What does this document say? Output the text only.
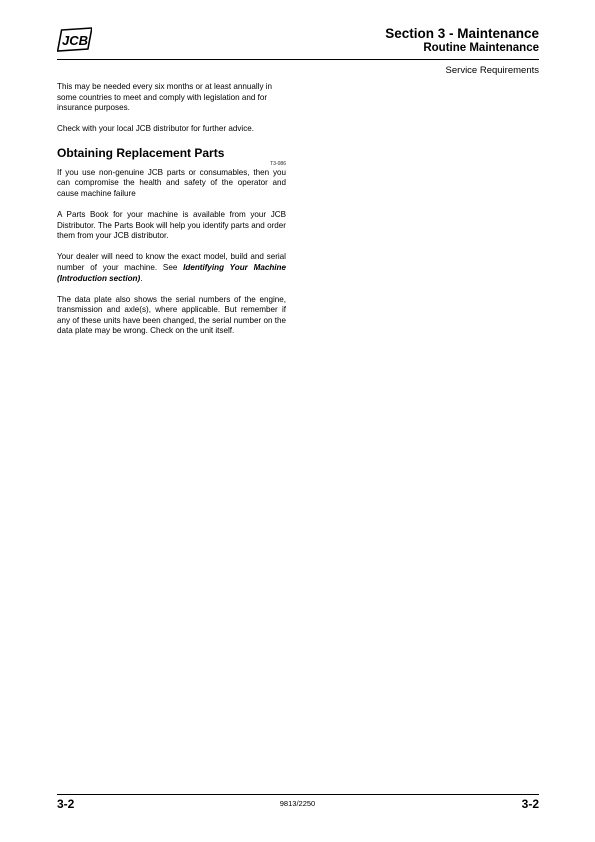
JCB	Section 3 - Maintenance
Routine Maintenance
Service Requirements

This may be needed every six months or at least annually in some countries to meet and comply with legislation and for insurance purposes.

Check with your local JCB distributor for further advice.

Obtaining Replacement Parts
T3-086

If you use non-genuine JCB parts or consumables, then you can compromise the health and safety of the operator and cause machine failure

A Parts Book for your machine is available from your JCB Distributor. The Parts Book will help you identify parts and order them from your JCB distributor.

Your dealer will need to know the exact model, build and serial number of your machine. See Identifying Your Machine (Introduction section).

The data plate also shows the serial numbers of the engine, transmission and axle(s), where applicable. But remember if any of these units have been changed, the serial number on the data plate may be wrong. Check on the unit itself.

3-2	9813/2250	3-2
